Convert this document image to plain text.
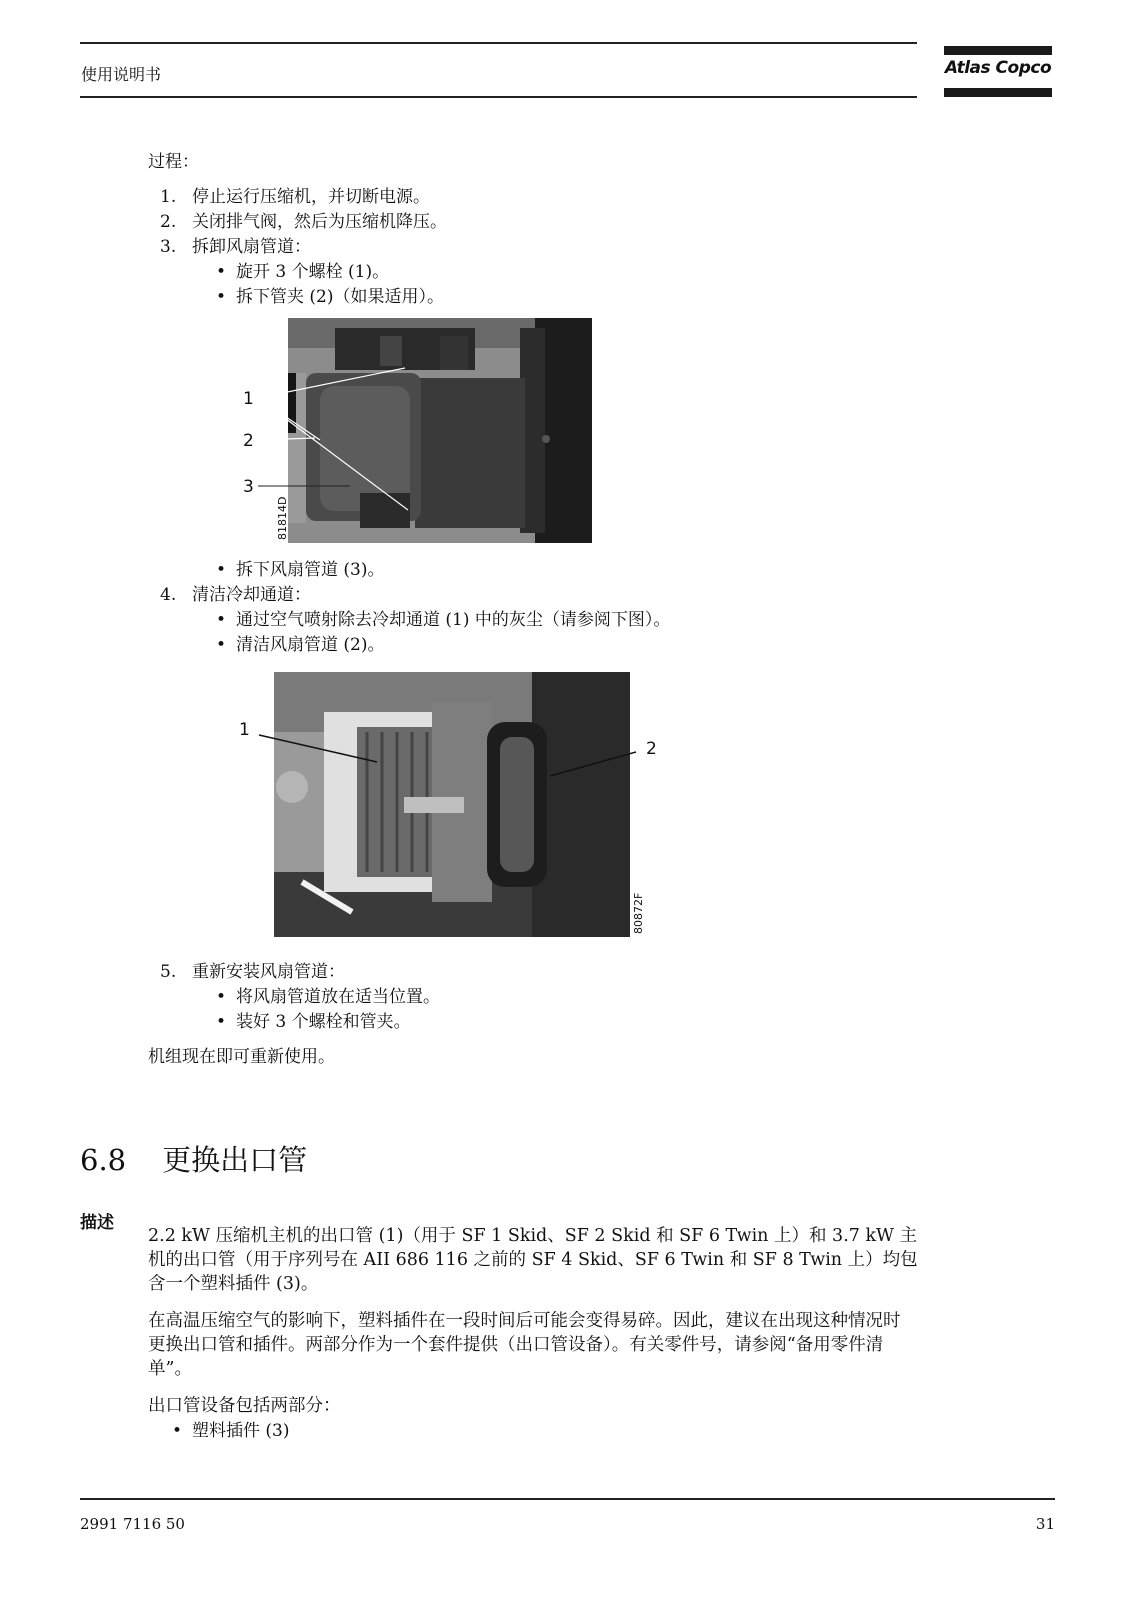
使用说明书	Atlas Copco
过程：
1. 停止运行压缩机，并切断电源。
2. 关闭排气阀，然后为压缩机降压。
3. 拆卸风扇管道：
• 旋开 3 个螺栓 (1)。
• 拆下管夹 (2)（如果适用）。
1
2
3
81814D
• 拆下风扇管道 (3)。
4. 清洁冷却通道：
• 通过空气喷射除去冷却通道 (1) 中的灰尘（请参阅下图）。
• 清洁风扇管道 (2)。
1
2
80872F
5. 重新安装风扇管道：
• 将风扇管道放在适当位置。
• 装好 3 个螺栓和管夹。
机组现在即可重新使用。
6.8 更换出口管
描述
2.2 kW 压缩机主机的出口管 (1)（用于 SF 1 Skid、SF 2 Skid 和 SF 6 Twin 上）和 3.7 kW 主
机的出口管（用于序列号在 AII 686 116 之前的 SF 4 Skid、SF 6 Twin 和 SF 8 Twin 上）均包
含一个塑料插件 (3)。
在高温压缩空气的影响下，塑料插件在一段时间后可能会变得易碎。因此，建议在出现这种情况时
更换出口管和插件。两部分作为一个套件提供（出口管设备）。有关零件号，请参阅“备用零件清
单”。
出口管设备包括两部分：
• 塑料插件 (3)
2991 7116 50	31
